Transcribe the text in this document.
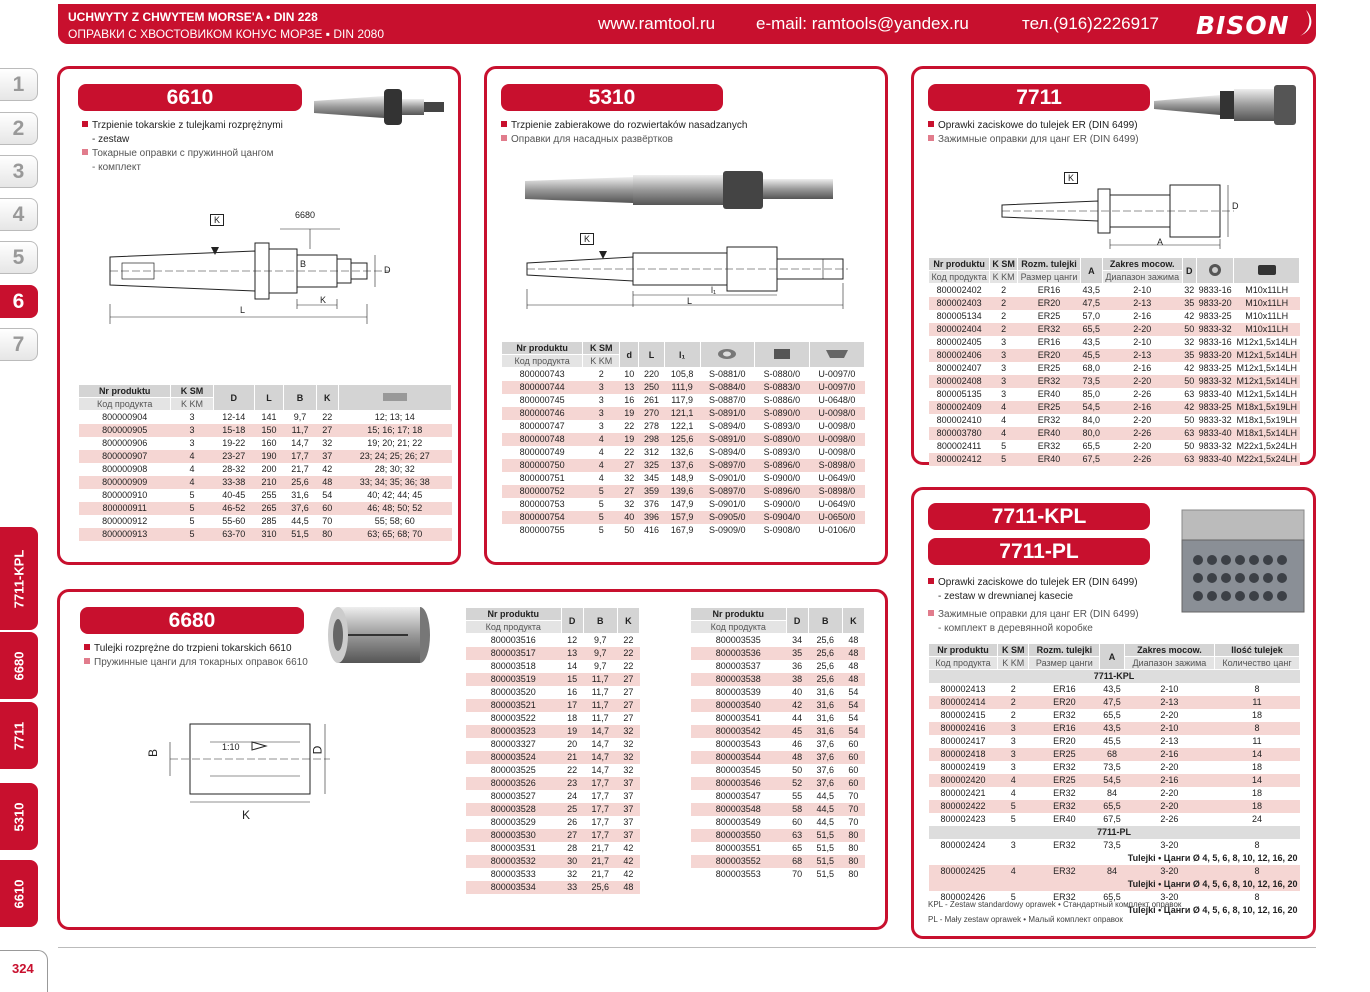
UCHWYTY Z CHWYTEM MORSE'A • DIN 228
ОПРАВКИ С ХВОСТОВИКОМ КОНУС МОРЗЕ ▪ DIN 2080
www.ramtool.ru e-mail: ramtools@yandex.ru	тел.(916)2226917 BISON
1
2
3
4
5
6
7
7711-KPL
6680
7711
5310
6610
324
6610
Trzpienie tokarskie z tulejkami rozprężnymi
- zestaw
Токарные оправки с пружинной цангом
- комплект
K	6680
B
D
L
K
Nr produktu	K SM	D	L	B	K	
Код продукта	K KM					
800000904	3	12-14	141	9,7	22	12; 13; 14
800000905	3	15-18	150	11,7	27	15; 16; 17; 18
800000906	3	19-22	160	14,7	32	19; 20; 21; 22
800000907	4	23-27	190	17,7	37	23; 24; 25; 26; 27
800000908	4	28-32	200	21,7	42	28; 30; 32
800000909	4	33-38	210	25,6	48	33; 34; 35; 36; 38
800000910	5	40-45	255	31,6	54	40; 42; 44; 45
800000911	5	46-52	265	37,6	60	46; 48; 50; 52
800000912	5	55-60	285	44,5	70	55; 58; 60
800000913	5	63-70	310	51,5	80	63; 65; 68; 70
5310
Trzpienie zabierakowe do rozwiertaków nasadzanych
Оправки для насадных развёртков
K
l₁
L
Nr produktu	K SM	d	L	l₁			
Код продукта	K KM						
800000743	2	10	220	105,8	S-0881/0	S-0880/0	U-0097/0
800000744	3	13	250	111,9	S-0884/0	S-0883/0	U-0097/0
800000745	3	16	261	117,9	S-0887/0	S-0886/0	U-0648/0
800000746	3	19	270	121,1	S-0891/0	S-0890/0	U-0098/0
800000747	3	22	278	122,1	S-0894/0	S-0893/0	U-0098/0
800000748	4	19	298	125,6	S-0891/0	S-0890/0	U-0098/0
800000749	4	22	312	132,6	S-0894/0	S-0893/0	U-0098/0
800000750	4	27	325	137,6	S-0897/0	S-0896/0	S-0898/0
800000751	4	32	345	148,9	S-0901/0	S-0900/0	U-0649/0
800000752	5	27	359	139,6	S-0897/0	S-0896/0	S-0898/0
800000753	5	32	376	147,9	S-0901/0	S-0900/0	U-0649/0
800000754	5	40	396	157,9	S-0905/0	S-0904/0	U-0650/0
800000755	5	50	416	167,9	S-0909/0	S-0908/0	U-0106/0
7711
Oprawki zaciskowe do tulejek ER (DIN 6499)
Зажимные оправки для цанг ER (DIN 6499)
K
A
D
Nr produktu	K SM	Rozm. tulejki	A	Zakres mocow.	D		
Код продукта	K KM	Размер цанги		Диапазон зажима			
800002402	2	ER16	43,5	2-10	32	9833-16	M10x11LH
800002403	2	ER20	47,5	2-13	35	9833-20	M10x11LH
800005134	2	ER25	57,0	2-16	42	9833-25	M10x11LH
800002404	2	ER32	65,5	2-20	50	9833-32	M10x11LH
800002405	3	ER16	43,5	2-10	32	9833-16	M12x1,5x14LH
800002406	3	ER20	45,5	2-13	35	9833-20	M12x1,5x14LH
800002407	3	ER25	68,0	2-16	42	9833-25	M12x1,5x14LH
800002408	3	ER32	73,5	2-20	50	9833-32	M12x1,5x14LH
800005135	3	ER40	85,0	2-26	63	9833-40	M12x1,5x14LH
800002409	4	ER25	54,5	2-16	42	9833-25	M18x1,5x19LH
800002410	4	ER32	84,0	2-20	50	9833-32	M18x1,5x19LH
800003780	4	ER40	80,0	2-26	63	9833-40	M18x1,5x14LH
800002411	5	ER32	65,5	2-20	50	9833-32	M22x1,5x24LH
800002412	5	ER40	67,5	2-26	63	9833-40	M22x1,5x24LH
7711-KPL
7711-PL
Oprawki zaciskowe do tulejek ER (DIN 6499)
- zestaw w drewnianej kasecie
Зажимные оправки для цанг ER (DIN 6499)
- комплект в деревянной коробке
Nr produktu	K SM	Rozm. tulejki	A	Zakres mocow.	Ilość tulejek
Код продукта	K KM	Размер цанги		Диапазон зажима	Количество цанг
7711-KPL					
800002413	2	ER16	43,5	2-10	8
800002414	2	ER20	47,5	2-13	11
800002415	2	ER32	65,5	2-20	18
800002416	3	ER16	43,5	2-10	8
800002417	3	ER20	45,5	2-13	11
800002418	3	ER25	68	2-16	14
800002419	3	ER32	73,5	2-20	18
800002420	4	ER25	54,5	2-16	14
800002421	4	ER32	84	2-20	18
800002422	5	ER32	65,5	2-20	18
800002423	5	ER40	67,5	2-26	24
7711-PL					
800002424	3	ER32	73,5	3-20	8
	Tulejki • Цанги Ø 4, 5, 6, 8, 10, 12, 16, 20				
800002425	4	ER32	84	3-20	8
	Tulejki • Цанги Ø 4, 5, 6, 8, 10, 12, 16, 20				
800002426	5	ER32	65,5	3-20	8
	Tulejki • Цанги Ø 4, 5, 6, 8, 10, 12, 16, 20				
KPL - Zestaw standardowy oprawek • Стандартный комплект оправок
PL - Mały zestaw oprawek • Малый комплект оправок
6680
Tulejki rozprężne do trzpieni tokarskich 6610
Пружинные цанги для токарных оправок 6610
B	D
K
1:10
Nr produktu	D	B	K
Код продукта			
800003516	12	9,7	22
800003517	13	9,7	22
800003518	14	9,7	22
800003519	15	11,7	27
800003520	16	11,7	27
800003521	17	11,7	27
800003522	18	11,7	27
800003523	19	14,7	32
800003327	20	14,7	32
800003524	21	14,7	32
800003525	22	14,7	32
800003526	23	17,7	37
800003527	24	17,7	37
800003528	25	17,7	37
800003529	26	17,7	37
800003530	27	17,7	37
800003531	28	21,7	42
800003532	30	21,7	42
800003533	32	21,7	42
800003534	33	25,6	48
Nr produktu	D	B	K
Код продукта			
800003535	34	25,6	48
800003536	35	25,6	48
800003537	36	25,6	48
800003538	38	25,6	48
800003539	40	31,6	54
800003540	42	31,6	54
800003541	44	31,6	54
800003542	45	31,6	54
800003543	46	37,6	60
800003544	48	37,6	60
800003545	50	37,6	60
800003546	52	37,6	60
800003547	55	44,5	70
800003548	58	44,5	70
800003549	60	44,5	70
800003550	63	51,5	80
800003551	65	51,5	80
800003552	68	51,5	80
800003553	70	51,5	80
